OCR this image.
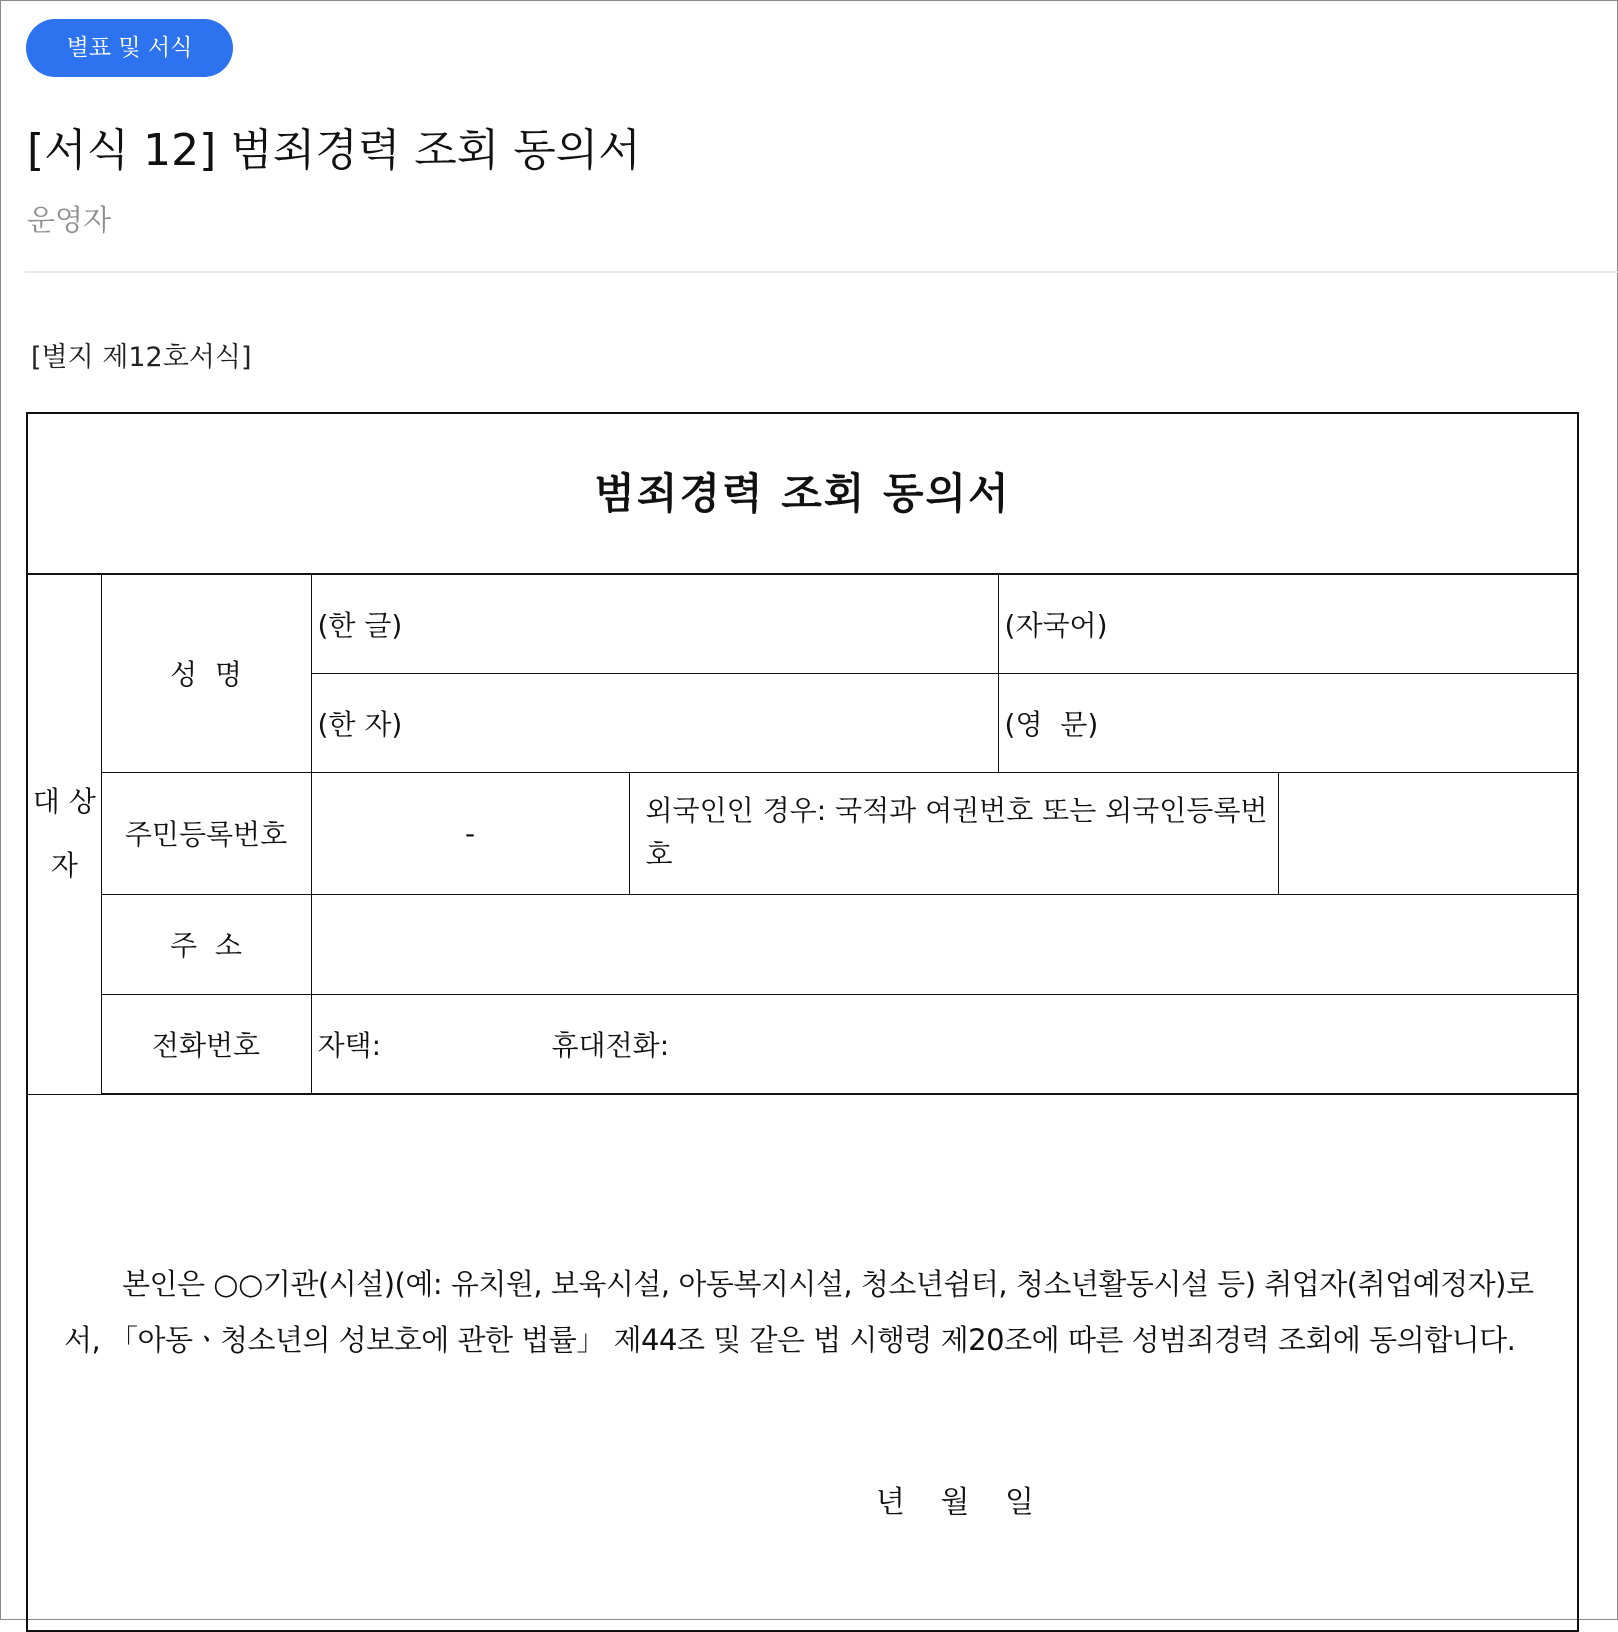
별표 및 서식
[서식 12] 범죄경력 조회 동의서
운영자
[별지 제12호서식]
범죄경력 조회 동의서
대 상 자	성  명	(한 글)		(자국어)	
		(한 자)		(영  문)	
	주민등록번호	-	외국인인 경우: 국적과 여권번호 또는 외국인등록번호		
	주  소				
	전화번호	자택: 휴대전화:			
본인은 ○○기관(시설)(예: 유치원, 보육시설, 아동복지시설, 청소년쉼터, 청소년활동시설 등) 취업자(취업예정자)로서, 「아동ㆍ청소년의 성보호에 관한 법률」 제44조 및 같은 법 시행령 제20조에 따른 성범죄경력 조회에 동의합니다.
년 월 일
